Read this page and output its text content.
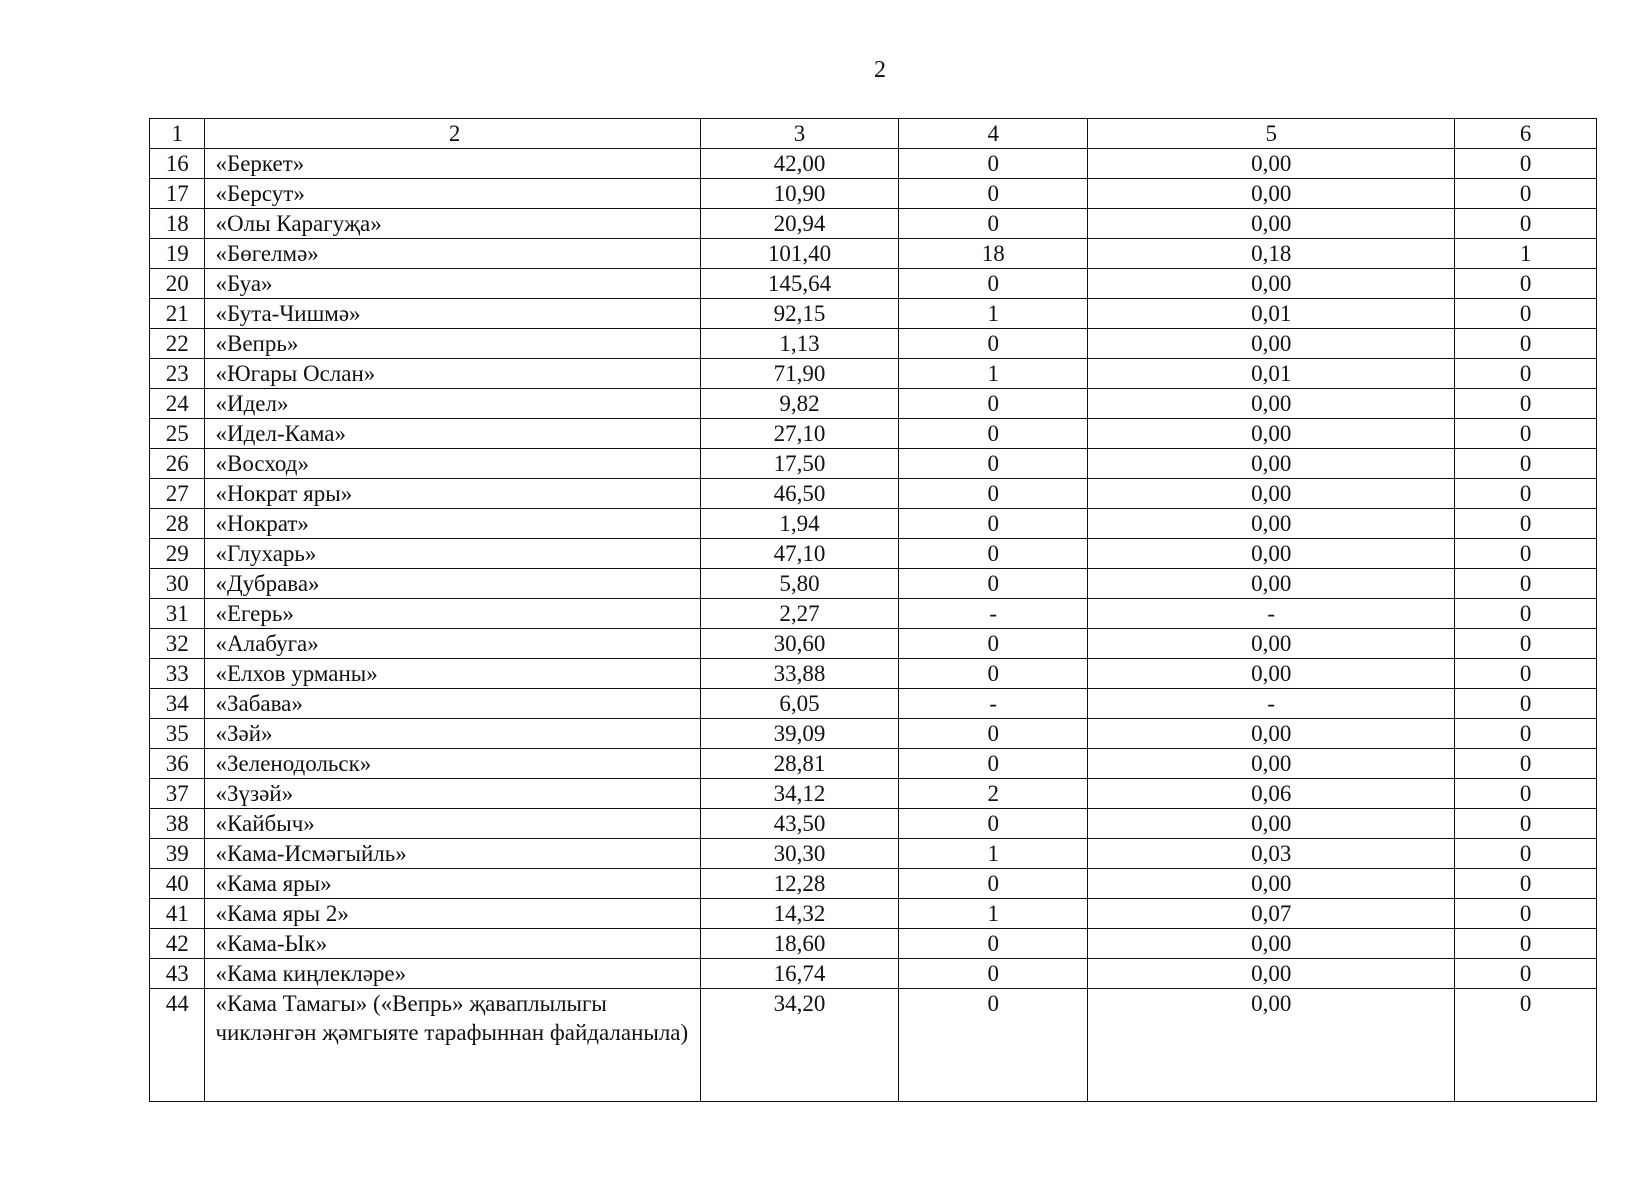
2
1	2	3	4	5	6
16	«Беркет»	42,00	0	0,00	0
17	«Берсут»	10,90	0	0,00	0
18	«Олы Карагуҗа»	20,94	0	0,00	0
19	«Бөгелмә»	101,40	18	0,18	1
20	«Буа»	145,64	0	0,00	0
21	«Бута-Чишмә»	92,15	1	0,01	0
22	«Вепрь»	1,13	0	0,00	0
23	«Югары Ослан»	71,90	1	0,01	0
24	«Идел»	9,82	0	0,00	0
25	«Идел-Кама»	27,10	0	0,00	0
26	«Восход»	17,50	0	0,00	0
27	«Нократ яры»	46,50	0	0,00	0
28	«Нократ»	1,94	0	0,00	0
29	«Глухарь»	47,10	0	0,00	0
30	«Дубрава»	5,80	0	0,00	0
31	«Егерь»	2,27	-	-	0
32	«Алабуга»	30,60	0	0,00	0
33	«Елхов урманы»	33,88	0	0,00	0
34	«Забава»	6,05	-	-	0
35	«Зәй»	39,09	0	0,00	0
36	«Зеленодольск»	28,81	0	0,00	0
37	«Зүзәй»	34,12	2	0,06	0
38	«Кайбыч»	43,50	0	0,00	0
39	«Кама-Исмәгыйль»	30,30	1	0,03	0
40	«Кама яры»	12,28	0	0,00	0
41	«Кама яры 2»	14,32	1	0,07	0
42	«Кама-Ык»	18,60	0	0,00	0
43	«Кама киңлекләре»	16,74	0	0,00	0
44	«Кама Тамагы» («Вепрь» җаваплылыгы чикләнгән җәмгыяте тарафыннан файдаланыла)	34,20	0	0,00	0
